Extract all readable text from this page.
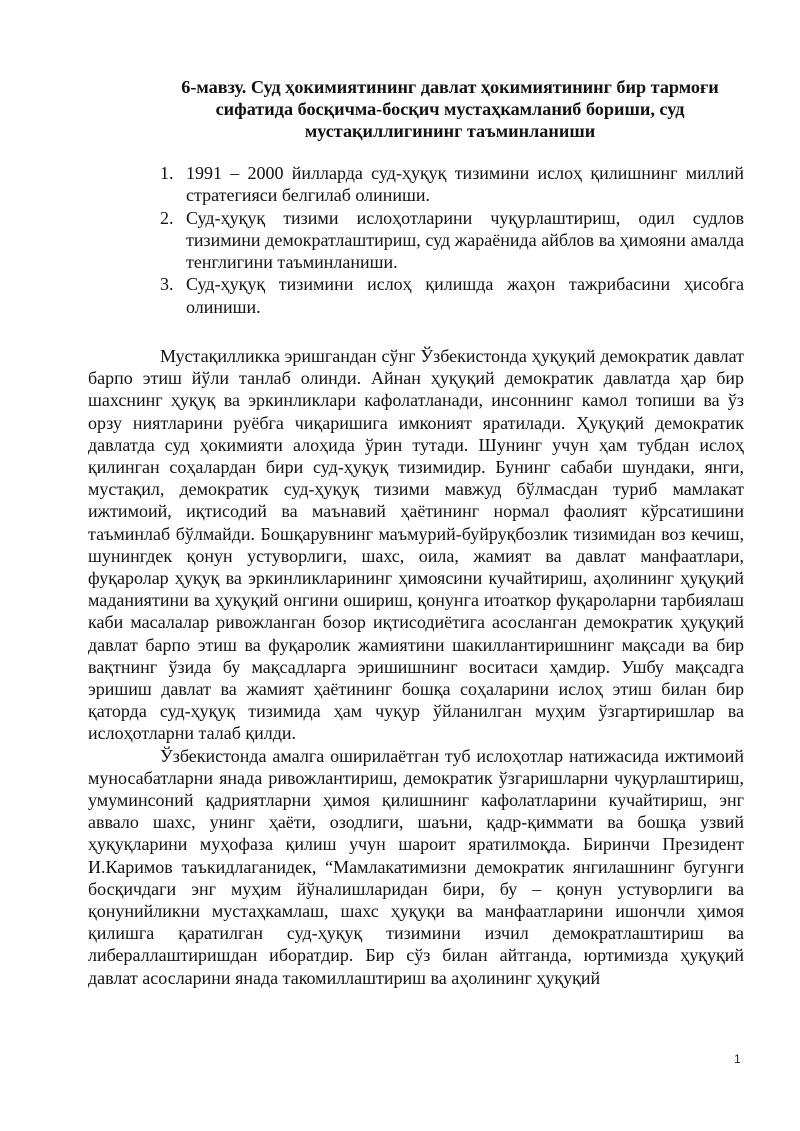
6-мавзу. Суд ҳокимиятининг давлат ҳокимиятининг бир тармоғи
сифатида босқичма-босқич мустаҳкамланиб бориши, суд
мустақиллигининг таъминланиши
1. 1991 – 2000 йилларда суд-ҳуқуқ тизимини ислоҳ қилишнинг миллий стратегияси белгилаб олиниши.
2. Суд-ҳуқуқ тизими ислоҳотларини чуқурлаштириш, одил судлов тизимини демократлаштириш, суд жараёнида айблов ва ҳимояни амалда тенглигини таъминланиши.
3. Суд-ҳуқуқ тизимини ислоҳ қилишда жаҳон тажрибасини ҳисобга олиниши.

Мустақилликка эришгандан сўнг Ўзбекистонда ҳуқуқий демократик давлат барпо этиш йўли танлаб олинди. Айнан ҳуқуқий демократик давлатда ҳар бир шахснинг ҳуқуқ ва эркинликлари кафолатланади, инсоннинг камол топиши ва ўз орзу ниятларини руёбга чиқаришига имконият яратилади. Ҳуқуқий демократик давлатда суд ҳокимияти алоҳида ўрин тутади. Шунинг учун ҳам тубдан ислоҳ қилинган соҳалардан бири суд-ҳуқуқ тизимидир. Бунинг сабаби шундаки, янги, мустақил, демократик суд-ҳуқуқ тизими мавжуд бўлмасдан туриб мамлакат ижтимоий, иқтисодий ва маънавий ҳаётининг нормал фаолият кўрсатишини таъминлаб бўлмайди. Бошқарувнинг маъмурий-буйруқбозлик тизимидан воз кечиш, шунингдек қонун устуворлиги, шахс, оила, жамият ва давлат манфаатлари, фуқаролар ҳуқуқ ва эркинликларининг ҳимоясини кучайтириш, аҳолининг ҳуқуқий маданиятини ва ҳуқуқий онгини ошириш, қонунга итоаткор фуқароларни тарбиялаш каби масалалар ривожланган бозор иқтисодиётига асосланган демократик ҳуқуқий давлат барпо этиш ва фуқаролик жамиятини шакиллантиришнинг мақсади ва бир вақтнинг ўзида бу мақсадларга эришишнинг воситаси ҳамдир. Ушбу мақсадга эришиш давлат ва жамият ҳаётининг бошқа соҳаларини ислоҳ этиш билан бир қаторда суд-ҳуқуқ тизимида ҳам чуқур ўйланилган муҳим ўзгартиришлар ва ислоҳотларни талаб қилди.

Ўзбекистонда амалга оширилаётган туб ислоҳотлар натижасида ижтимоий муносабатларни янада ривожлантириш, демократик ўзгаришларни чуқурлаштириш, умуминсоний қадриятларни ҳимоя қилишнинг кафолатларини кучайтириш, энг аввало шахс, унинг ҳаёти, озодлиги, шаъни, қадр-қиммати ва бошқа узвий ҳуқуқларини муҳофаза қилиш учун шароит яратилмоқда. Биринчи Президент И.Каримов таъкидлаганидек, “Мамлакатимизни демократик янгилашнинг бугунги босқичдаги энг муҳим йўналишларидан бири, бу – қонун устуворлиги ва қонунийликни мустаҳкамлаш, шахс ҳуқуқи ва манфаатларини ишончли ҳимоя қилишга қаратилган суд-ҳуқуқ тизимини изчил демократлаштириш ва либераллаштиришдан иборатдир. Бир сўз билан айтганда, юртимизда ҳуқуқий давлат асосларини янада такомиллаштириш ва аҳолининг ҳуқуқий

1
